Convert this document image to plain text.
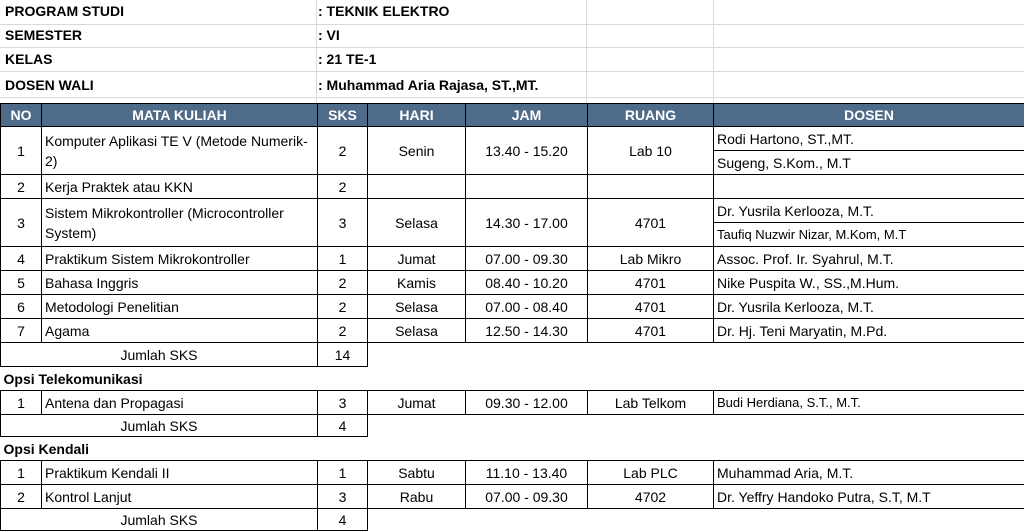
PROGRAM STUDI	: TEKNIK ELEKTRO
SEMESTER	: VI
KELAS	: 21 TE-1
DOSEN WALI	: Muhammad Aria Rajasa, ST.,MT.
NO	MATA KULIAH	SKS	HARI	JAM	RUANG	DOSEN
1	Komputer Aplikasi TE V (Metode Numerik-2)	2	Senin	13.40 - 15.20	Lab 10	Rodi Hartono, ST.,MT.
						Sugeng, S.Kom., M.T
2	Kerja Praktek atau KKN	2				
3	Sistem Mikrokontroller (Microcontroller System)	3	Selasa	14.30 - 17.00	4701	Dr. Yusrila Kerlooza, M.T.
						Taufiq Nuzwir Nizar, M.Kom, M.T
4	Praktikum Sistem Mikrokontroller	1	Jumat	07.00 - 09.30	Lab Mikro	Assoc. Prof. Ir. Syahrul, M.T.
5	Bahasa Inggris	2	Kamis	08.40 - 10.20	4701	Nike Puspita W., SS.,M.Hum.
6	Metodologi Penelitian	2	Selasa	07.00 - 08.40	4701	Dr. Yusrila Kerlooza, M.T.
7	Agama	2	Selasa	12.50 - 14.30	4701	Dr. Hj. Teni Maryatin, M.Pd.
Jumlah SKS		14				
Opsi Telekomunikasi						
1	Antena dan Propagasi	3	Jumat	09.30 - 12.00	Lab Telkom	Budi Herdiana, S.T., M.T.
Jumlah SKS		4				
Opsi Kendali						
1	Praktikum Kendali II	1	Sabtu	11.10 - 13.40	Lab PLC	Muhammad Aria, M.T.
2	Kontrol Lanjut	3	Rabu	07.00 - 09.30	4702	Dr. Yeffry Handoko Putra, S.T, M.T
Jumlah SKS		4				
